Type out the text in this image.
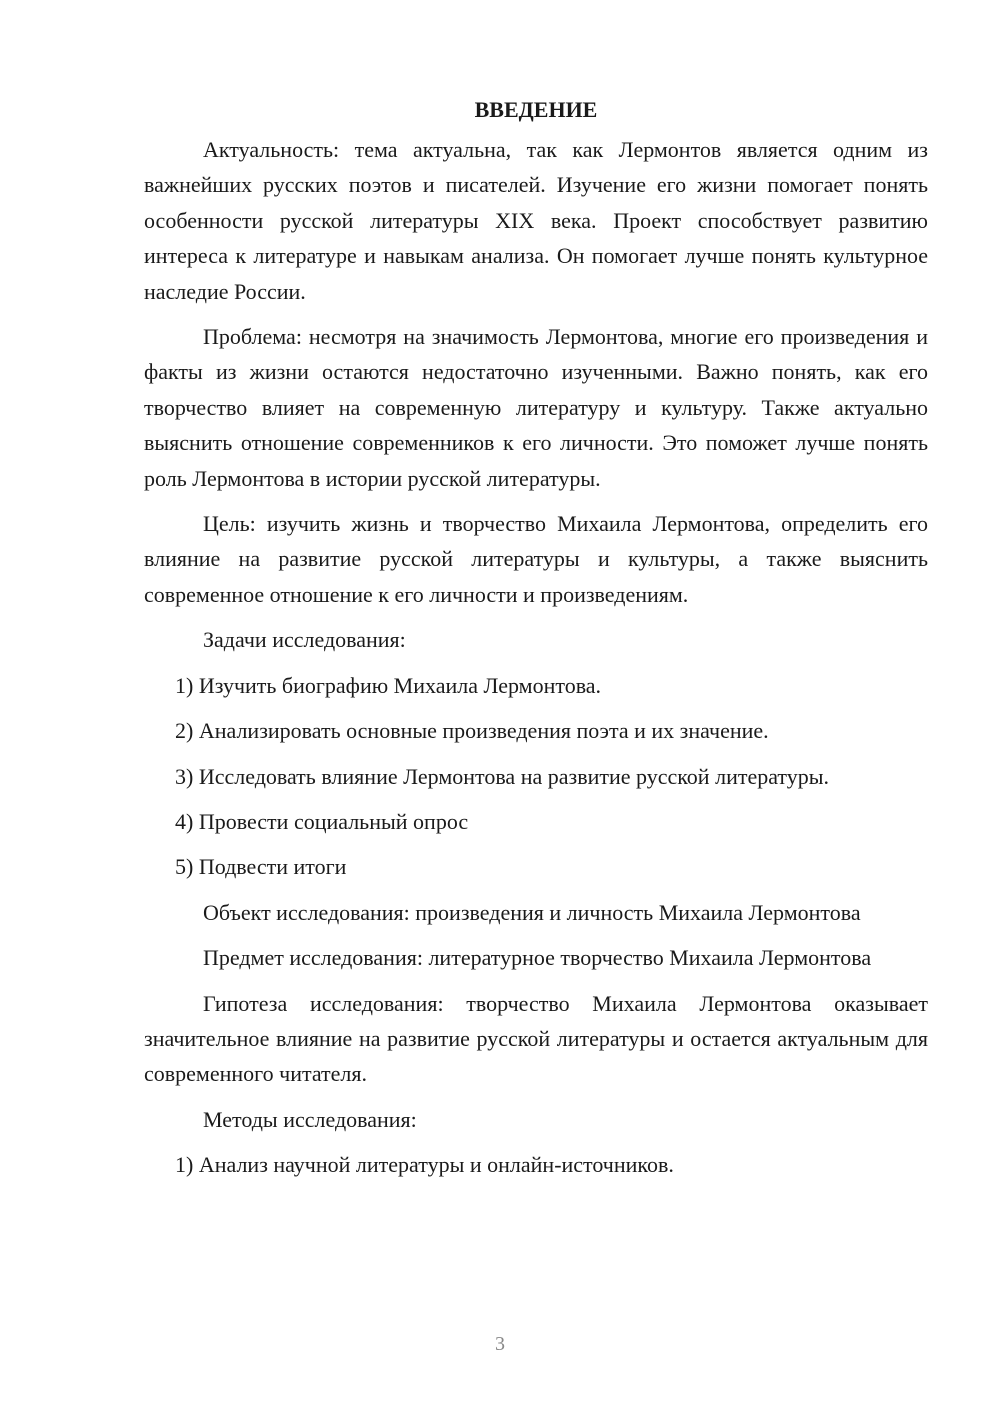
ВВЕДЕНИЕ

Актуальность: тема актуальна, так как Лермонтов является одним из важнейших русских поэтов и писателей. Изучение его жизни помогает понять особенности русской литературы XIX века. Проект способствует развитию интереса к литературе и навыкам анализа. Он помогает лучше понять культурное наследие России.

Проблема: несмотря на значимость Лермонтова, многие его произведения и факты из жизни остаются недостаточно изученными. Важно понять, как его творчество влияет на современную литературу и культуру. Также актуально выяснить отношение современников к его личности. Это поможет лучше понять роль Лермонтова в истории русской литературы.

Цель: изучить жизнь и творчество Михаила Лермонтова, определить его влияние на развитие русской литературы и культуры, а также выяснить современное отношение к его личности и произведениям.

Задачи исследования:

1) Изучить биографию Михаила Лермонтова.

2) Анализировать основные произведения поэта и их значение.

3) Исследовать влияние Лермонтова на развитие русской литературы.

4) Провести социальный опрос

5) Подвести итоги

Объект исследования: произведения и личность Михаила Лермонтова

Предмет исследования: литературное творчество Михаила Лермонтова

Гипотеза исследования: творчество Михаила Лермонтова оказывает значительное влияние на развитие русской литературы и остается актуальным для современного читателя.

Методы исследования:

1) Анализ научной литературы и онлайн-источников.

3
